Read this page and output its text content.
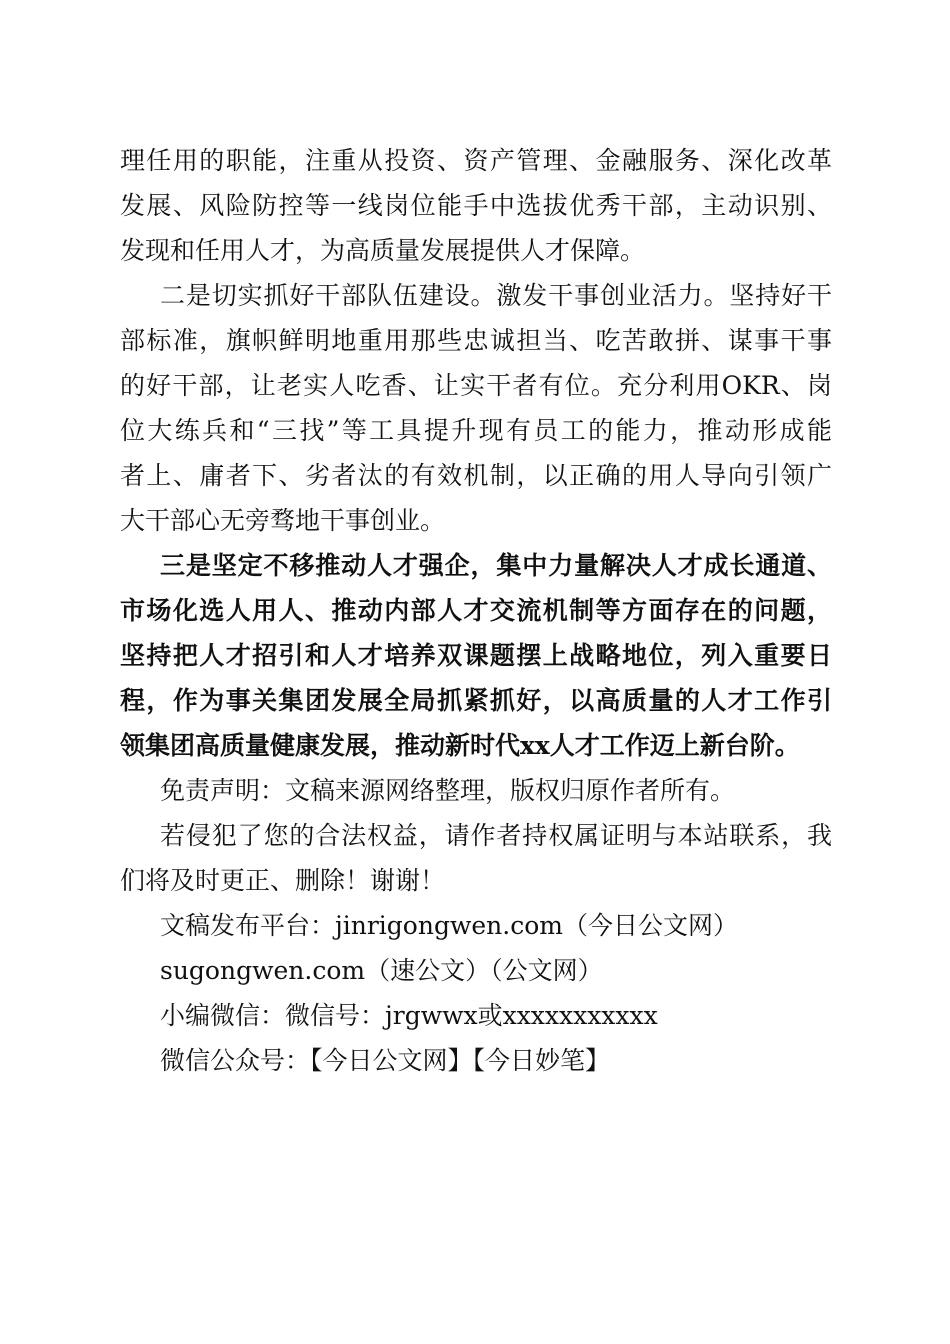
理任用的职能，注重从投资、资产管理、金融服务、深化改革
发展、风险防控等一线岗位能手中选拔优秀干部，主动识别、
发现和任用人才，为高质量发展提供人才保障。
二是切实抓好干部队伍建设。激发干事创业活力。坚持好干
部标准，旗帜鲜明地重用那些忠诚担当、吃苦敢拼、谋事干事
的好干部，让老实人吃香、让实干者有位。充分利用OKR、岗
位大练兵和“三找”等工具提升现有员工的能力，推动形成能
者上、庸者下、劣者汰的有效机制，以正确的用人导向引领广
大干部心无旁骛地干事创业。
三是坚定不移推动人才强企，集中力量解决人才成长通道、
市场化选人用人、推动内部人才交流机制等方面存在的问题，
坚持把人才招引和人才培养双课题摆上战略地位，列入重要日
程，作为事关集团发展全局抓紧抓好，以高质量的人才工作引
领集团高质量健康发展，推动新时代xx人才工作迈上新台阶。
免责声明：文稿来源网络整理，版权归原作者所有。
若侵犯了您的合法权益，请作者持权属证明与本站联系，我
们将及时更正、删除！谢谢！
文稿发布平台：jinrigongwen.com（今日公文网）
sugongwen.com（速公文）（公文网）
小编微信：微信号：jrgwwx或xxxxxxxxxxx
微信公众号：【今日公文网】【今日妙笔】
